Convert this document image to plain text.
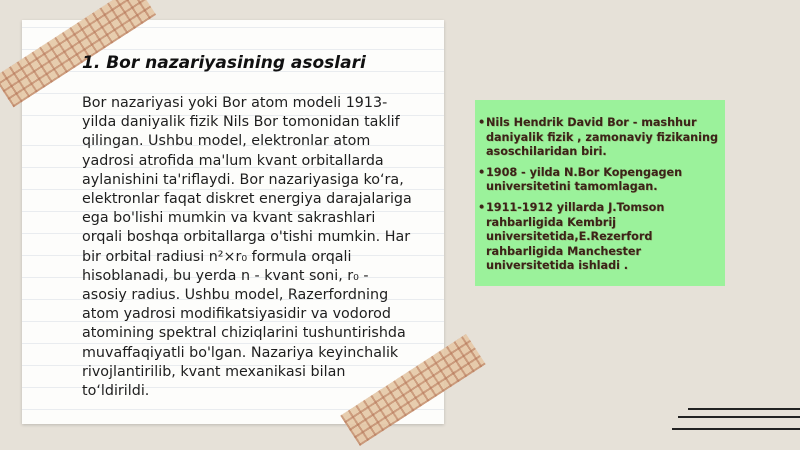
1. Bor nazariyasining asoslari

Bor nazariyasi yoki Bor atom modeli 1913-yilda daniyalik fizik Nils Bor tomonidan taklif qilingan. Ushbu model, elektronlar atom yadrosi atrofida ma'lum kvant orbitallarda aylanishini ta'riflaydi. Bor nazariyasiga ko‘ra, elektronlar faqat diskret energiya darajalariga ega bo'lishi mumkin va kvant sakrashlari orqali boshqa orbitallarga o'tishi mumkin. Har bir orbital radiusi n²×r₀ formula orqali hisoblanadi, bu yerda n - kvant soni, r₀ - asosiy radius. Ushbu model, Razerfordning atom yadrosi modifikatsiyasidir va vodorod atomining spektral chiziqlarini tushuntirishda muvaffaqiyatli bo'lgan. Nazariya keyinchalik rivojlantirilib, kvant mexanikasi bilan to‘ldirildi.

• Nils Hendrik David Bor - mashhur daniyalik fizik , zamonaviy fizikaning asoschilaridan biri.
• 1908 - yilda N.Bor Kopengagen universitetini tamomlagan.
• 1911-1912 yillarda J.Tomson rahbarligida Kembrij universitetida,E.Rezerford rahbarligida Manchester universitetida ishladi .
